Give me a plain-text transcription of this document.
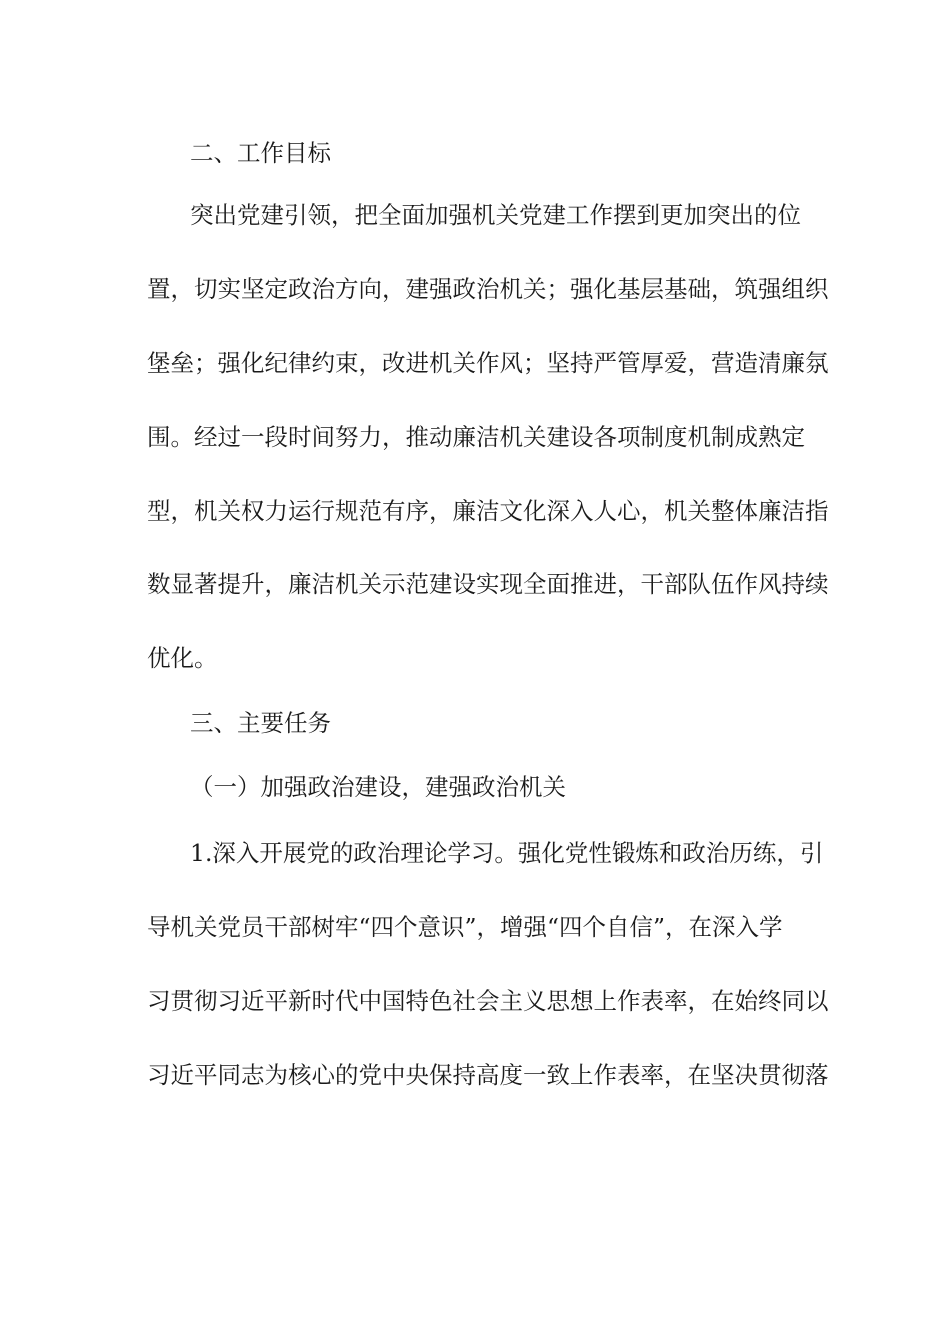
二、工作目标

突出党建引领，把全面加强机关党建工作摆到更加突出的位

置，切实坚定政治方向，建强政治机关；强化基层基础，筑强组织

堡垒；强化纪律约束，改进机关作风；坚持严管厚爱，营造清廉氛

围。经过一段时间努力，推动廉洁机关建设各项制度机制成熟定

型，机关权力运行规范有序，廉洁文化深入人心，机关整体廉洁指

数显著提升，廉洁机关示范建设实现全面推进，干部队伍作风持续

优化。

三、主要任务

（一）加强政治建设，建强政治机关

1.深入开展党的政治理论学习。强化党性锻炼和政治历练，引

导机关党员干部树牢“四个意识”，增强“四个自信”，在深入学

习贯彻习近平新时代中国特色社会主义思想上作表率，在始终同以

习近平同志为核心的党中央保持高度一致上作表率，在坚决贯彻落
